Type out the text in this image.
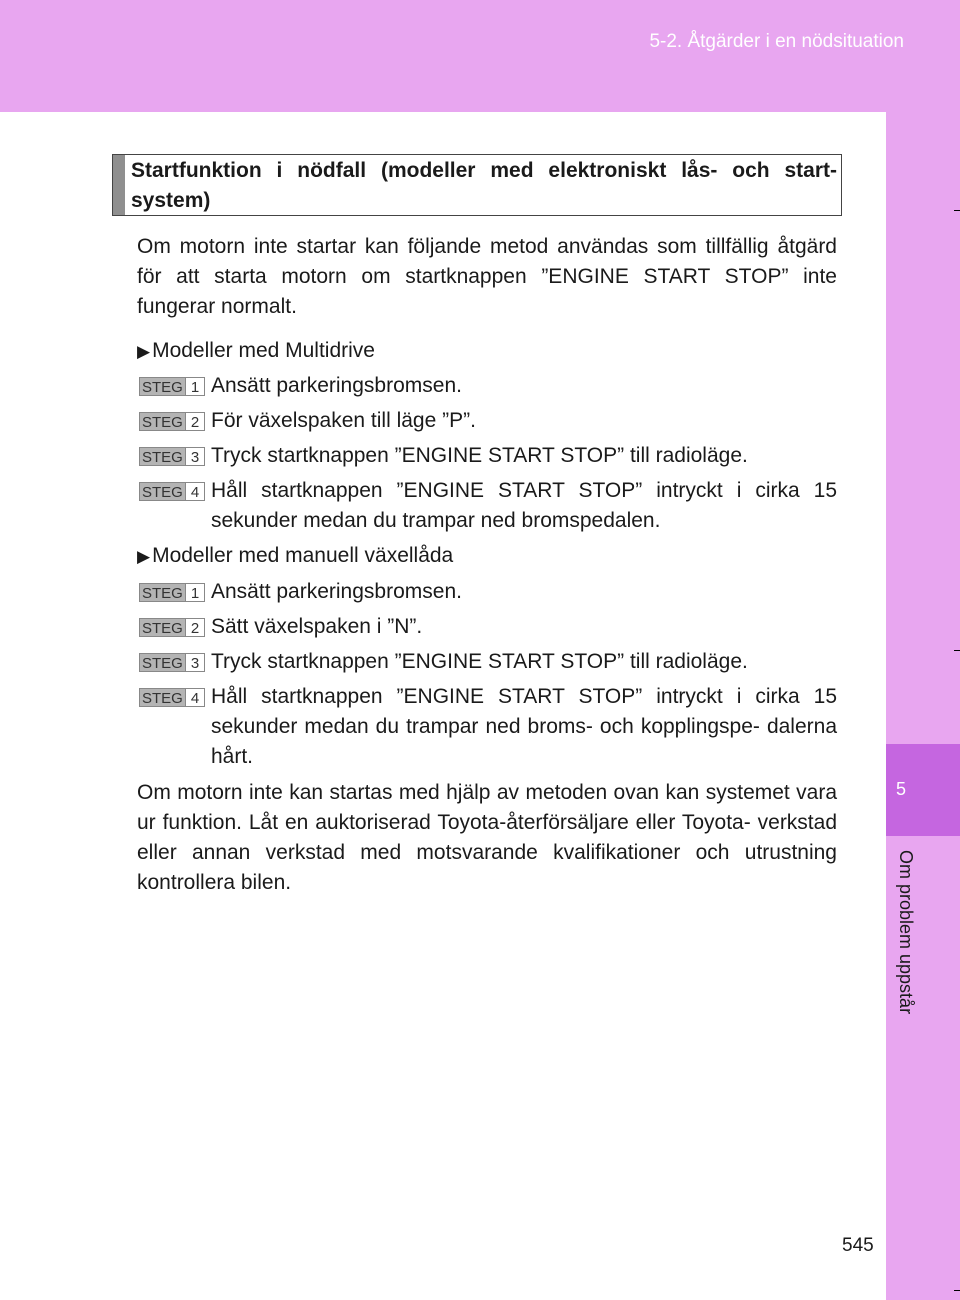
5-2. Åtgärder i en nödsituation
5
Om problem uppstår
Startfunktion i nödfall (modeller med elektroniskt lås- och start- system)

Om motorn inte startar kan följande metod användas som tillfällig åtgärd för att starta motorn om startknappen ”ENGINE START STOP” inte fungerar normalt.

▶Modeller med Multidrive
STEG 1 Ansätt parkeringsbromsen.
STEG 2 För växelspaken till läge ”P”.
STEG 3 Tryck startknappen ”ENGINE START STOP” till radioläge.
STEG 4 Håll startknappen ”ENGINE START STOP” intryckt i cirka 15 sekunder medan du trampar ned bromspedalen.
▶Modeller med manuell växellåda
STEG 1 Ansätt parkeringsbromsen.
STEG 2 Sätt växelspaken i ”N”.
STEG 3 Tryck startknappen ”ENGINE START STOP” till radioläge.
STEG 4 Håll startknappen ”ENGINE START STOP” intryckt i cirka 15 sekunder medan du trampar ned broms- och kopplingspe- dalerna hårt.

Om motorn inte kan startas med hjälp av metoden ovan kan systemet vara ur funktion. Låt en auktoriserad Toyota-återförsäljare eller Toyota- verkstad eller annan verkstad med motsvarande kvalifikationer och utrustning kontrollera bilen.

545
